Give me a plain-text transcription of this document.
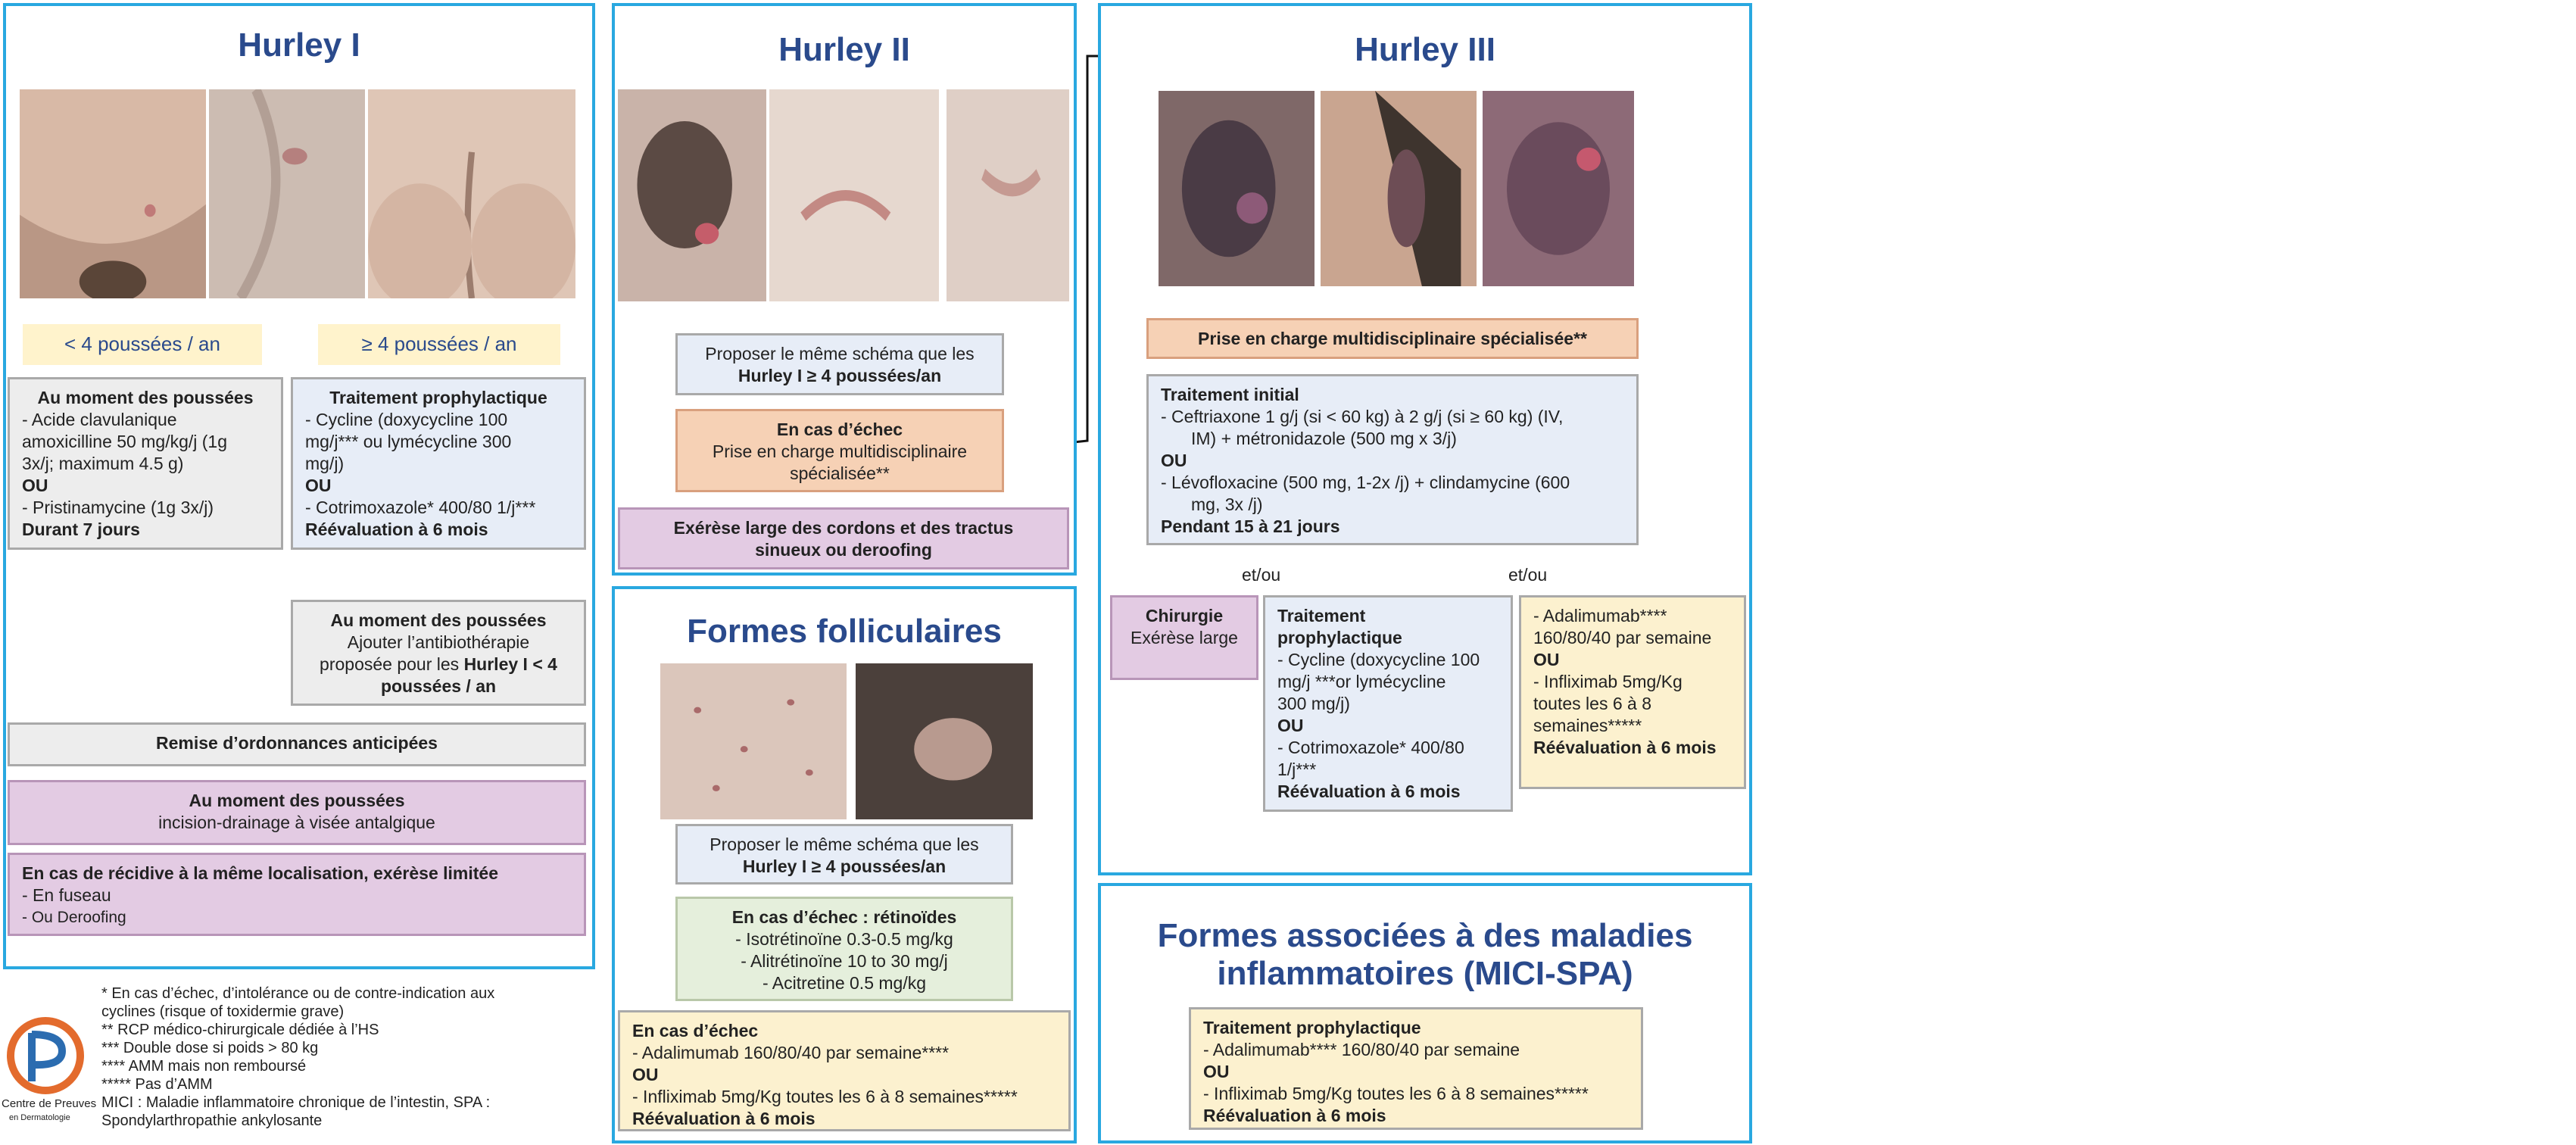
Hurley I
< 4 poussées / an	≥ 4 poussées / an
Au moment des poussées
- Acide clavulanique
amoxicilline 50 mg/kg/j (1g
3x/j; maximum 4.5 g)
OU
- Pristinamycine (1g 3x/j)
Durant 7 jours
Traitement prophylactique
- Cycline (doxycycline 100
mg/j*** ou lymécycline 300
mg/j)
OU
- Cotrimoxazole* 400/80 1/j***
Réévaluation à 6 mois
Au moment des poussées
Ajouter l’antibiothérapie
proposée pour les Hurley I < 4
poussées / an
Remise d’ordonnances anticipées
Au moment des poussées
incision-drainage à visée antalgique
En cas de récidive à la même localisation, exérèse limitée
- En fuseau
- Ou Deroofing
* En cas d’échec, d’intolérance ou de contre-indication aux
cyclines (risque of toxidermie grave)
** RCP médico-chirurgicale dédiée à l’HS
*** Double dose si poids > 80 kg
**** AMM mais non remboursé
***** Pas d’AMM
MICI : Maladie inflammatoire chronique de l’intestin, SPA :
Spondylarthropathie ankylosante
Centre de Preuves
en Dermatologie
Hurley II
Proposer le même schéma que les
Hurley I ≥ 4 poussées/an
En cas d’échec
Prise en charge multidisciplinaire
spécialisée**
Exérèse large des cordons et des tractus
sinueux ou deroofing
Formes folliculaires
Proposer le même schéma que les
Hurley I ≥ 4 poussées/an
En cas d’échec : rétinoïdes
- Isotrétinoïne 0.3-0.5 mg/kg
- Alitrétinoïne 10 to 30 mg/j
- Acitretine 0.5 mg/kg
En cas d’échec
- Adalimumab 160/80/40 par semaine****
OU
- Infliximab 5mg/Kg toutes les 6 à 8 semaines*****
Réévaluation à 6 mois
Hurley III
Prise en charge multidisciplinaire spécialisée**
Traitement initial
- Ceftriaxone 1 g/j (si < 60 kg) à 2 g/j (si ≥ 60 kg) (IV,
IM) + métronidazole (500 mg x 3/j)
OU
- Lévofloxacine (500 mg, 1-2x /j) + clindamycine (600
mg, 3x /j)
Pendant 15 à 21 jours
et/ou	et/ou
Chirurgie
Exérèse large
Traitement
prophylactique
- Cycline (doxycycline 100
mg/j ***or lymécycline
300 mg/j)
OU
- Cotrimoxazole* 400/80
1/j***
Réévaluation à 6 mois
- Adalimumab****
160/80/40 par semaine
OU
- Infliximab 5mg/Kg
toutes les 6 à 8
semaines*****
Réévaluation à 6 mois
Formes associées à des maladies
inflammatoires (MICI-SPA)
Traitement prophylactique
- Adalimumab**** 160/80/40 par semaine
OU
- Infliximab 5mg/Kg toutes les 6 à 8 semaines*****
Réévaluation à 6 mois
